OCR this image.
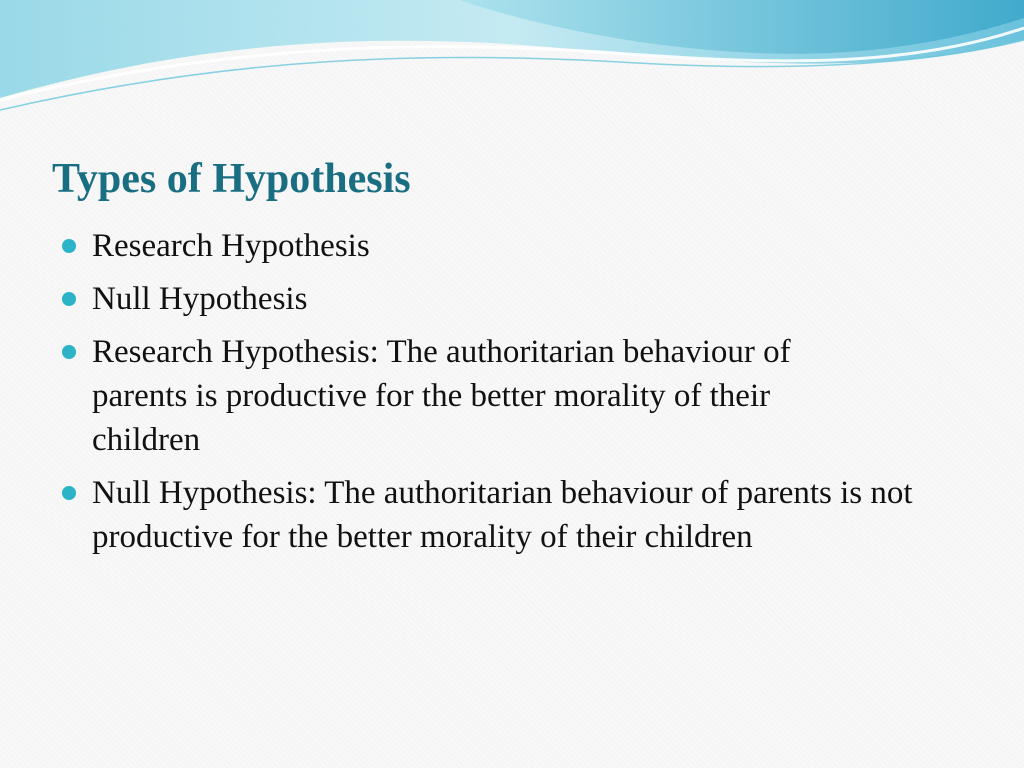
Types of Hypothesis
Research Hypothesis
Null Hypothesis
Research Hypothesis: The authoritarian behaviour of parents is productive for the better morality of their children
Null Hypothesis: The authoritarian behaviour of parents is not productive for the better morality of their children
